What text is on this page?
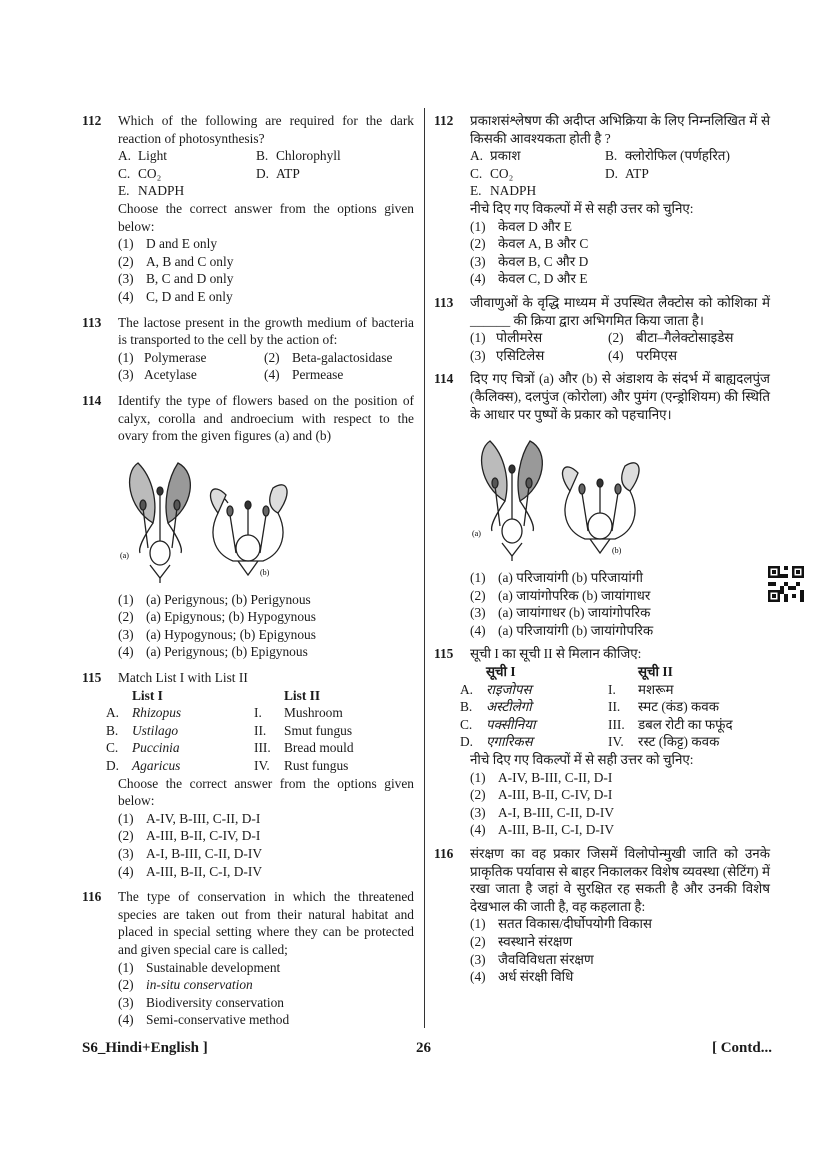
112 Which of the following are required for the dark reaction of photosynthesis?
A. Light	B. Chlorophyll
C. CO₂	D. ATP
E. NADPH
Choose the correct answer from the options given below:
(1) D and E only
(2) A, B and C only
(3) B, C and D only
(4) C, D and E only
113 The lactose present in the growth medium of bacteria is transported to the cell by the action of:
(1) Polymerase	(2) Beta-galactosidase
(3) Acetylase	(4) Permease
114 Identify the type of flowers based on the position of calyx, corolla and androecium with respect to the ovary from the given figures (a) and (b)
(a)
(b)
(1) (a) Perigynous; (b) Perigynous
(2) (a) Epigynous; (b) Hypogynous
(3) (a) Hypogynous; (b) Epigynous
(4) (a) Perigynous; (b) Epigynous
115 Match List I with List II
List I	List II
A. Rhizopus	I.	Mushroom
B.	Ustilago	II.	Smut fungus
C.	Puccinia	III. Bread mould
D. Agaricus	IV.	Rust fungus
Choose the correct answer from the options given below:
(1) A-IV, B-III, C-II, D-I
(2) A-III, B-II, C-IV, D-I
(3) A-I, B-III, C-II, D-IV
(4) A-III, B-II, C-I, D-IV
116 The type of conservation in which the threatened species are taken out from their natural habitat and placed in special setting where they can be protected and given special care is called;
(1) Sustainable development
(2) in-situ conservation
(3) Biodiversity conservation
(4) Semi-conservative method
112 प्रकाशसंश्लेषण की अदीप्त अभिक्रिया के लिए निम्नलिखित में से किसकी आवश्यकता होती है ?
A. प्रकाश	B. क्लोरोफिल (पर्णहरित)
C. CO₂	D. ATP
E. NADPH
नीचे दिए गए विकल्पों में से सही उत्तर को चुनिए:
(1) केवल D और E
(2) केवल A, B और C
(3) केवल B, C और D
(4) केवल C, D और E
113 जीवाणुओं के वृद्धि माध्यम में उपस्थित लैक्टोस को कोशिका में ______ की क्रिया द्वारा अभिगमित किया जाता है।
(1) पोलीमरेस	(2) बीटा–गैलेक्टोसाइडेस
(3) एसिटिलेस	(4) परमिएस
114 दिए गए चित्रों (a) और (b) से अंडाशय के संदर्भ में बाह्यदलपुंज (कैलिक्स), दलपुंज (कोरोला) और पुमंग (एन्ड्रोशियम) की स्थिति के आधार पर पुष्पों के प्रकार को पहचानिए।
(a)
(b)
(1) (a) परिजायांगी (b) परिजायांगी
(2) (a) जायांगोपरिक (b) जायांगाधर
(3) (a) जायांगाधर (b) जायांगोपरिक
(4) (a) परिजायांगी (b) जायांगोपरिक
115 सूची I का सूची II से मिलान कीजिए:
सूची I	सूची II
A. राइजोपस	I.	मशरूम
B.	अस्टीलेगो	II.	स्मट (कंड) कवक
C.	पक्सीनिया	III. डबल रोटी का फफूंद
D. एगारिकस	IV.	रस्ट (किट्ट) कवक
नीचे दिए गए विकल्पों में से सही उत्तर को चुनिए:
(1) A-IV, B-III, C-II, D-I
(2) A-III, B-II, C-IV, D-I
(3) A-I, B-III, C-II, D-IV
(4) A-III, B-II, C-I, D-IV
116 संरक्षण का वह प्रकार जिसमें विलोपोन्मुखी जाति को उनके प्राकृतिक पर्यावास से बाहर निकालकर विशेष व्यवस्था (सेटिंग) में रखा जाता है जहां वे सुरक्षित रह सकती है और उनकी विशेष देखभाल की जाती है, वह कहलाता है:
(1) सतत विकास/दीर्घोपयोगी विकास
(2) स्वस्थाने संरक्षण
(3) जैवविविधता संरक्षण
(4) अर्ध संरक्षी विधि
S6_Hindi+English ]	26	[ Contd...
